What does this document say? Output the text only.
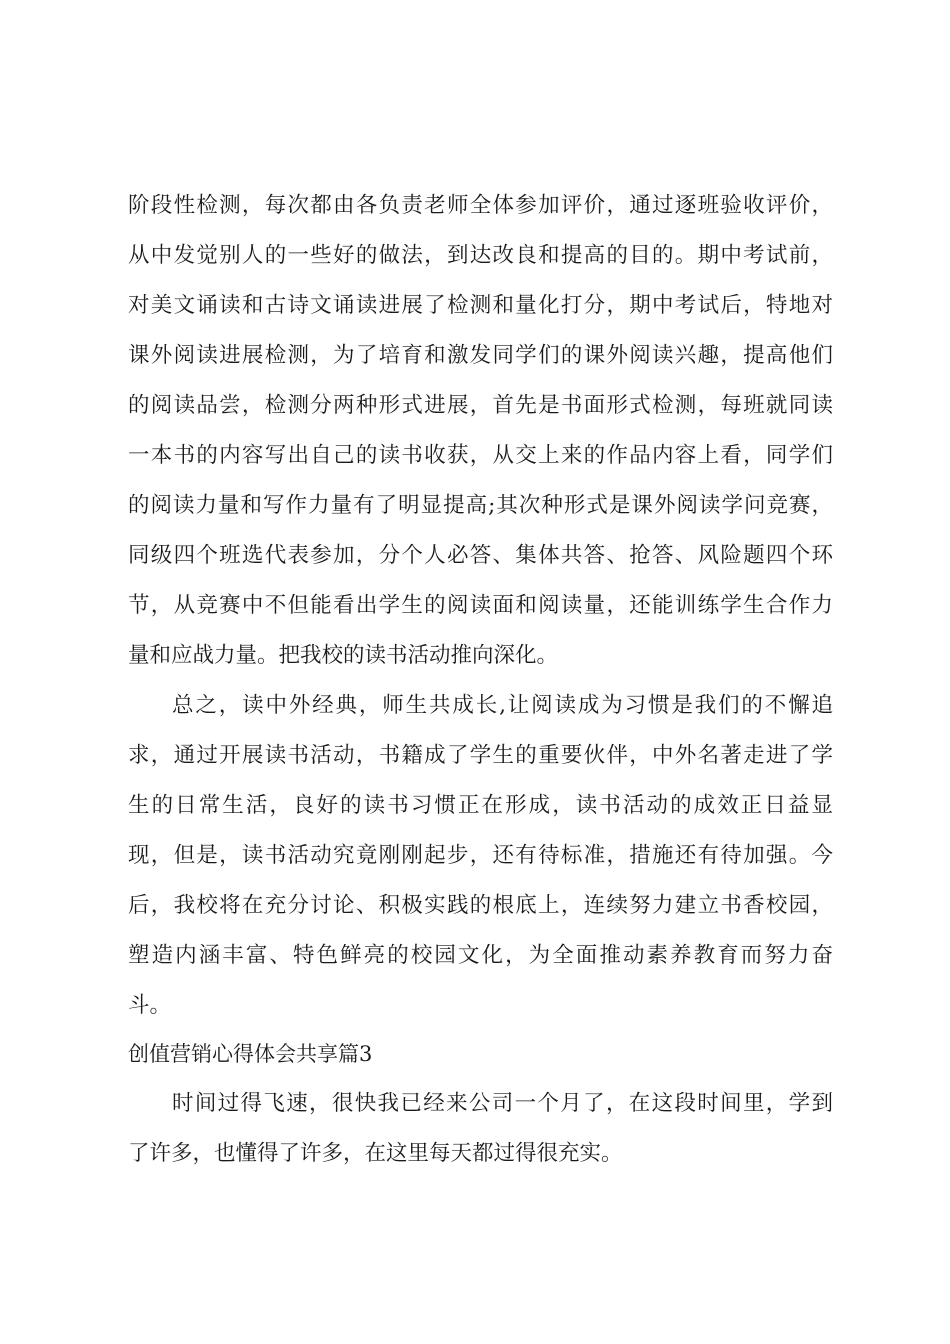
阶段性检测，每次都由各负责老师全体参加评价，通过逐班验收评价，
从中发觉别人的一些好的做法，到达改良和提高的目的。期中考试前，
对美文诵读和古诗文诵读进展了检测和量化打分，期中考试后，特地对
课外阅读进展检测，为了培育和激发同学们的课外阅读兴趣，提高他们
的阅读品尝，检测分两种形式进展，首先是书面形式检测，每班就同读
一本书的内容写出自己的读书收获，从交上来的作品内容上看，同学们
的阅读力量和写作力量有了明显提高;其次种形式是课外阅读学问竞赛，
同级四个班选代表参加，分个人必答、集体共答、抢答、风险题四个环
节，从竞赛中不但能看出学生的阅读面和阅读量，还能训练学生合作力
量和应战力量。把我校的读书活动推向深化。
总之，读中外经典，师生共成长,让阅读成为习惯是我们的不懈追
求，通过开展读书活动，书籍成了学生的重要伙伴，中外名著走进了学
生的日常生活，良好的读书习惯正在形成，读书活动的成效正日益显
现，但是，读书活动究竟刚刚起步，还有待标准，措施还有待加强。今
后，我校将在充分讨论、积极实践的根底上，连续努力建立书香校园，
塑造内涵丰富、特色鲜亮的校园文化，为全面推动素养教育而努力奋
斗。
创值营销心得体会共享篇3
时间过得飞速，很快我已经来公司一个月了，在这段时间里，学到
了许多，也懂得了许多，在这里每天都过得很充实。
